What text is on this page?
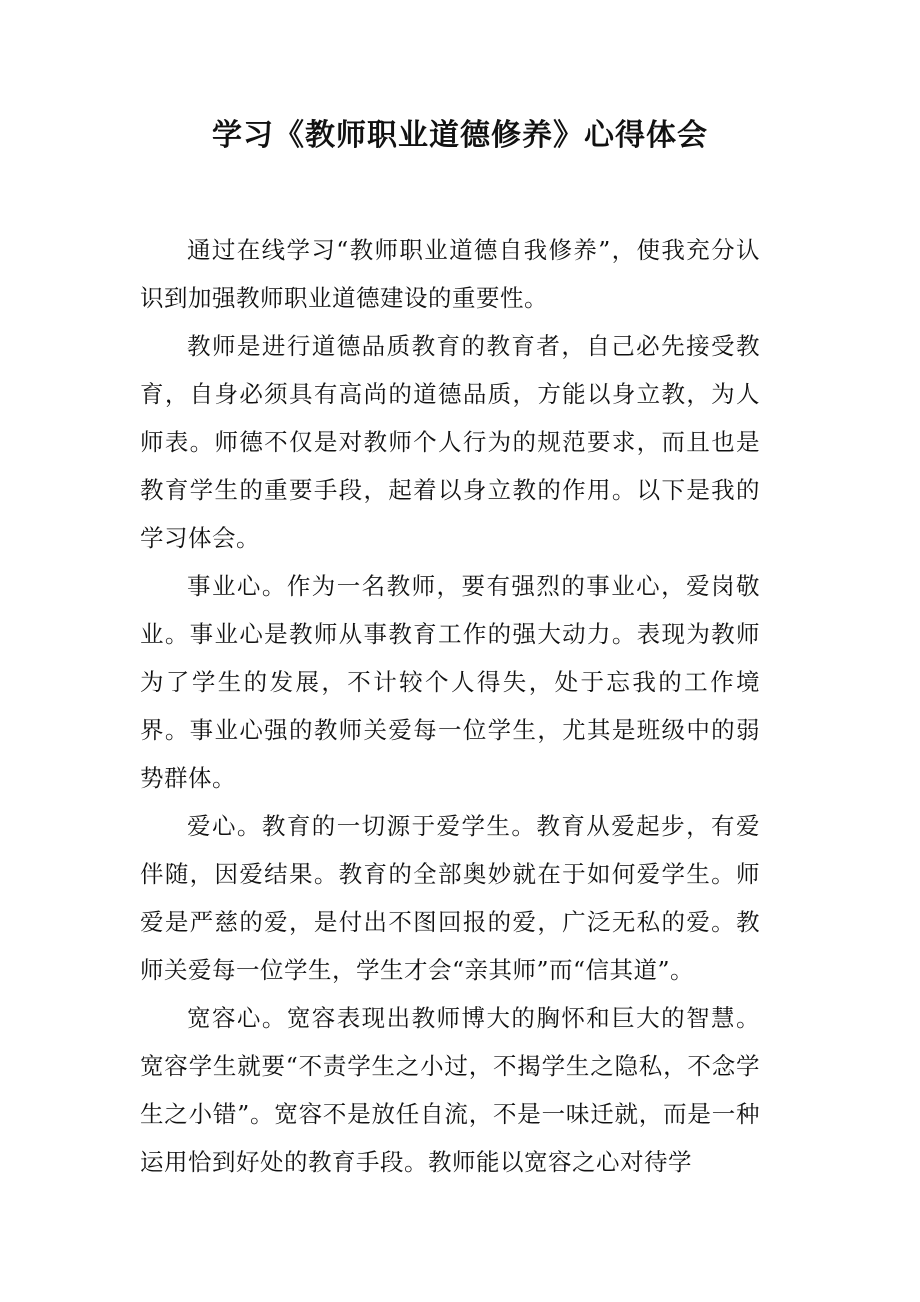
学习《教师职业道德修养》心得体会

通过在线学习“教师职业道德自我修养”，使我充分认识到加强教师职业道德建设的重要性。

教师是进行道德品质教育的教育者，自己必先接受教育，自身必须具有高尚的道德品质，方能以身立教，为人师表。师德不仅是对教师个人行为的规范要求，而且也是教育学生的重要手段，起着以身立教的作用。以下是我的学习体会。

事业心。作为一名教师，要有强烈的事业心，爱岗敬业。事业心是教师从事教育工作的强大动力。表现为教师为了学生的发展，不计较个人得失，处于忘我的工作境界。事业心强的教师关爱每一位学生，尤其是班级中的弱势群体。

爱心。教育的一切源于爱学生。教育从爱起步，有爱伴随，因爱结果。教育的全部奥妙就在于如何爱学生。师爱是严慈的爱，是付出不图回报的爱，广泛无私的爱。教师关爱每一位学生，学生才会“亲其师”而“信其道”。

宽容心。宽容表现出教师博大的胸怀和巨大的智慧。宽容学生就要“不责学生之小过，不揭学生之隐私，不念学生之小错”。宽容不是放任自流，不是一味迁就，而是一种运用恰到好处的教育手段。教师能以宽容之心对待学
